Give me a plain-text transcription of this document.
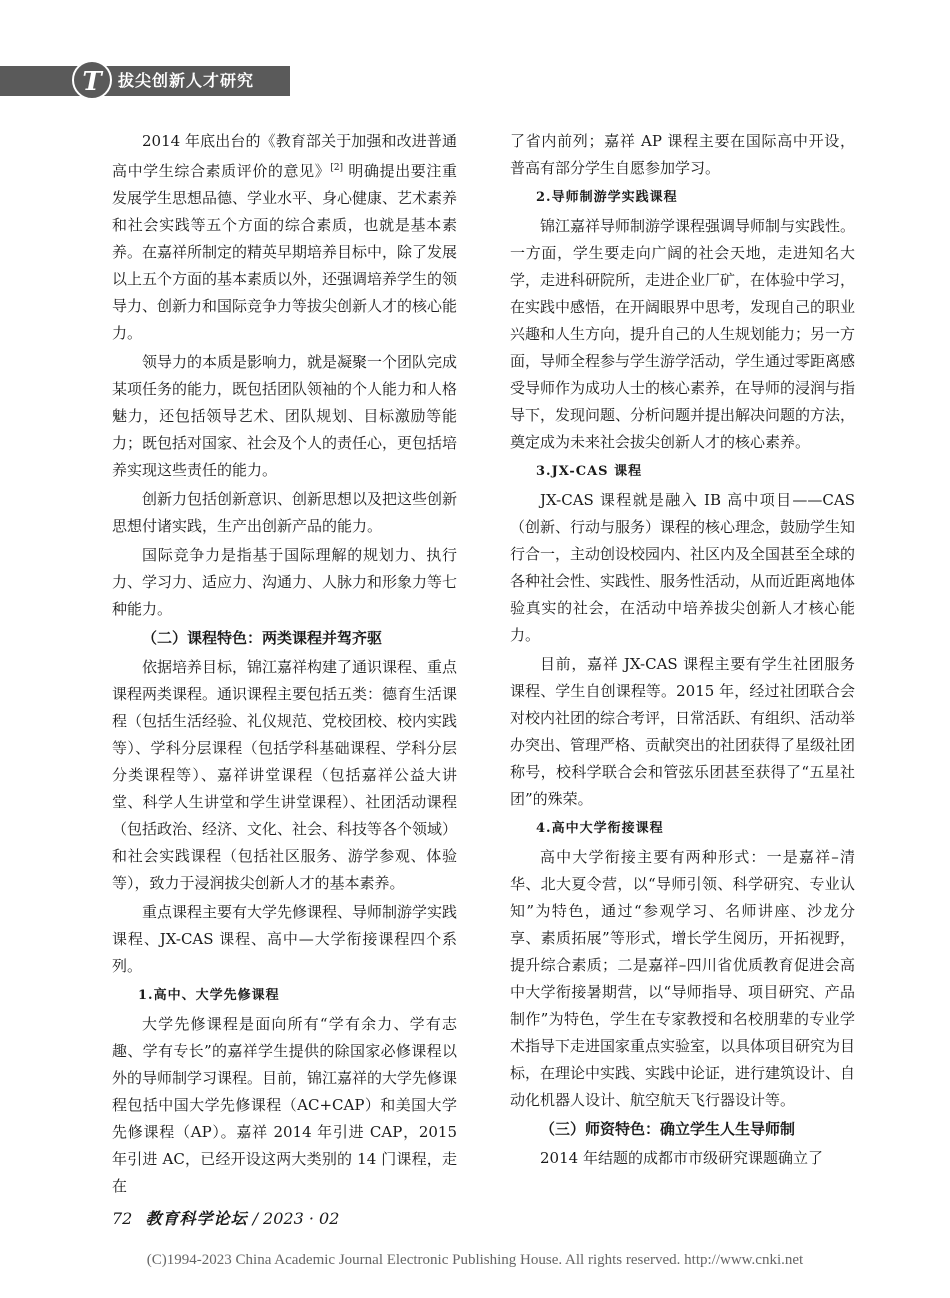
T	拔尖创新人才研究

2014 年底出台的《教育部关于加强和改进普通高中学生综合素质评价的意见》[2] 明确提出要注重发展学生思想品德、学业水平、身心健康、艺术素养和社会实践等五个方面的综合素质，也就是基本素养。在嘉祥所制定的精英早期培养目标中，除了发展以上五个方面的基本素质以外，还强调培养学生的领导力、创新力和国际竞争力等拔尖创新人才的核心能力。

领导力的本质是影响力，就是凝聚一个团队完成某项任务的能力，既包括团队领袖的个人能力和人格魅力，还包括领导艺术、团队规划、目标激励等能力；既包括对国家、社会及个人的责任心，更包括培养实现这些责任的能力。

创新力包括创新意识、创新思想以及把这些创新思想付诸实践，生产出创新产品的能力。

国际竞争力是指基于国际理解的规划力、执行力、学习力、适应力、沟通力、人脉力和形象力等七种能力。

（二）课程特色：两类课程并驾齐驱

依据培养目标，锦江嘉祥构建了通识课程、重点课程两类课程。通识课程主要包括五类：德育生活课程（包括生活经验、礼仪规范、党校团校、校内实践等）、学科分层课程（包括学科基础课程、学科分层分类课程等）、嘉祥讲堂课程（包括嘉祥公益大讲堂、科学人生讲堂和学生讲堂课程）、社团活动课程（包括政治、经济、文化、社会、科技等各个领域）和社会实践课程（包括社区服务、游学参观、体验等），致力于浸润拔尖创新人才的基本素养。

重点课程主要有大学先修课程、导师制游学实践课程、JX-CAS 课程、高中—大学衔接课程四个系列。

1.高中、大学先修课程

大学先修课程是面向所有“学有余力、学有志趣、学有专长”的嘉祥学生提供的除国家必修课程以外的导师制学习课程。目前，锦江嘉祥的大学先修课程包括中国大学先修课程（AC+CAP）和美国大学先修课程（AP）。嘉祥 2014 年引进 CAP，2015 年引进 AC，已经开设这两大类别的 14 门课程，走在

了省内前列；嘉祥 AP 课程主要在国际高中开设，普高有部分学生自愿参加学习。

2.导师制游学实践课程

锦江嘉祥导师制游学课程强调导师制与实践性。一方面，学生要走向广阔的社会天地，走进知名大学，走进科研院所，走进企业厂矿，在体验中学习，在实践中感悟，在开阔眼界中思考，发现自己的职业兴趣和人生方向，提升自己的人生规划能力；另一方面，导师全程参与学生游学活动，学生通过零距离感受导师作为成功人士的核心素养，在导师的浸润与指导下，发现问题、分析问题并提出解决问题的方法，奠定成为未来社会拔尖创新人才的核心素养。

3.JX-CAS 课程

JX-CAS 课程就是融入 IB 高中项目——CAS（创新、行动与服务）课程的核心理念，鼓励学生知行合一，主动创设校园内、社区内及全国甚至全球的各种社会性、实践性、服务性活动，从而近距离地体验真实的社会，在活动中培养拔尖创新人才核心能力。

目前，嘉祥 JX-CAS 课程主要有学生社团服务课程、学生自创课程等。2015 年，经过社团联合会对校内社团的综合考评，日常活跃、有组织、活动举办突出、管理严格、贡献突出的社团获得了星级社团称号，校科学联合会和管弦乐团甚至获得了“五星社团”的殊荣。

4.高中大学衔接课程

高中大学衔接主要有两种形式：一是嘉祥–清华、北大夏令营，以“导师引领、科学研究、专业认知”为特色，通过“参观学习、名师讲座、沙龙分享、素质拓展”等形式，增长学生阅历，开拓视野，提升综合素质；二是嘉祥–四川省优质教育促进会高中大学衔接暑期营，以“导师指导、项目研究、产品制作”为特色，学生在专家教授和名校朋辈的专业学术指导下走进国家重点实验室，以具体项目研究为目标，在理论中实践、实践中论证，进行建筑设计、自动化机器人设计、航空航天飞行器设计等。

（三）师资特色：确立学生人生导师制

2014 年结题的成都市市级研究课题确立了

72 教育科学论坛 / 2023 · 02
(C)1994-2023 China Academic Journal Electronic Publishing House. All rights reserved. http://www.cnki.net
